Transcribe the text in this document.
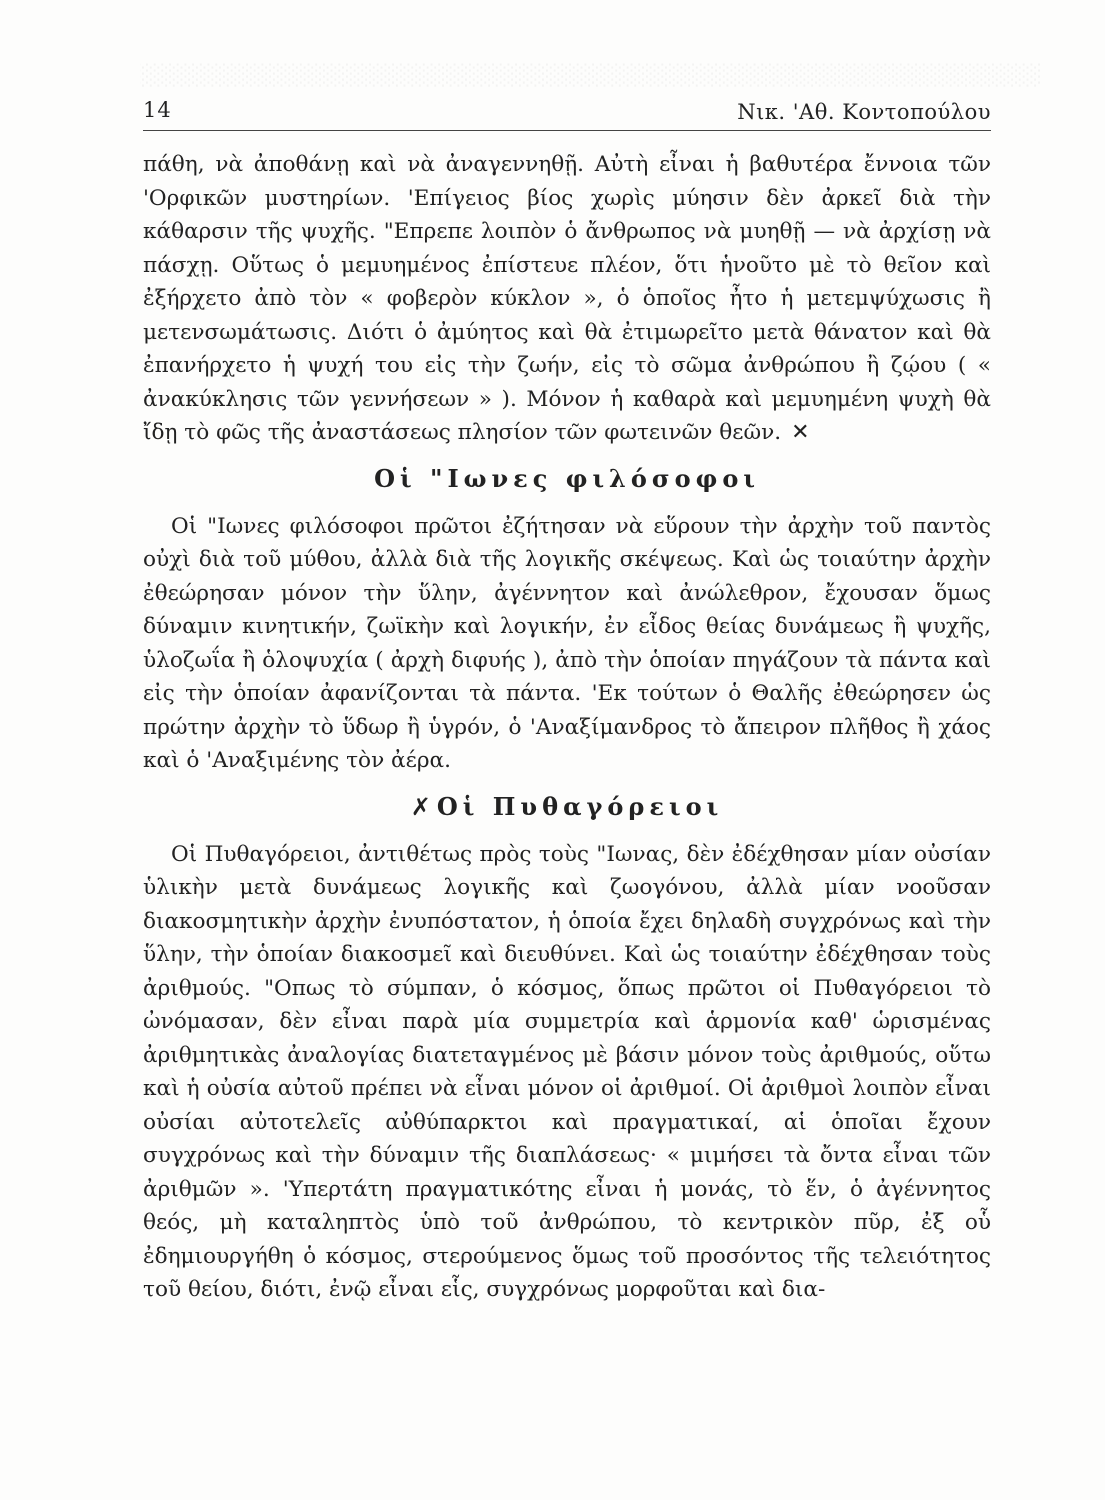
14	Νικ. 'Αθ. Κοντοπούλου

πάθη, νὰ ἀποθάνῃ καὶ νὰ ἀναγεννηθῇ. Αὐτὴ εἶναι ἡ βαθυτέρα ἔννοια τῶν 'Ορφικῶν μυστηρίων. 'Επίγειος βίος χωρὶς μύησιν δὲν ἀρκεῖ διὰ τὴν κάθαρσιν τῆς ψυχῆς. "Επρεπε λοιπὸν ὁ ἄνθρωπος νὰ μυηθῇ — νὰ ἀρχίσῃ νὰ πάσχῃ. Οὕτως ὁ μεμυημένος ἐπίστευε πλέον, ὅτι ἡνοῦτο μὲ τὸ θεῖον καὶ ἐξήρχετο ἀπὸ τὸν « φοβερὸν κύκλον », ὁ ὁποῖος ἦτο ἡ μετεμψύχωσις ἢ μετενσωμάτωσις. Διότι ὁ ἀμύητος καὶ θὰ ἐτιμωρεῖτο μετὰ θάνατον καὶ θὰ ἐπανήρχετο ἡ ψυχή του εἰς τὴν ζωήν, εἰς τὸ σῶμα ἀνθρώπου ἢ ζῴου ( « ἀνακύκλησις τῶν γεννήσεων » ). Μόνον ἡ καθαρὰ καὶ μεμυημένη ψυχὴ θὰ ἴδῃ τὸ φῶς τῆς ἀναστάσεως πλησίον τῶν φωτεινῶν θεῶν. ✕

Οἱ "Ιωνες φιλόσοφοι

Οἱ "Ιωνες φιλόσοφοι πρῶτοι ἐζήτησαν νὰ εὕρουν τὴν ἀρχὴν τοῦ παντὸς οὐχὶ διὰ τοῦ μύθου, ἀλλὰ διὰ τῆς λογικῆς σκέψεως. Καὶ ὡς τοιαύτην ἀρχὴν ἐθεώρησαν μόνον τὴν ὕλην, ἀγέννητον καὶ ἀνώλεθρον, ἔχουσαν ὅμως δύναμιν κινητικήν, ζωϊκὴν καὶ λογικήν, ἐν εἶδος θείας δυνάμεως ἢ ψυχῆς, ὑλοζωΐα ἢ ὁλοψυχία ( ἀρχὴ διφυής ), ἀπὸ τὴν ὁποίαν πηγάζουν τὰ πάντα καὶ εἰς τὴν ὁποίαν ἀφανίζονται τὰ πάντα. 'Εκ τούτων ὁ Θαλῆς ἐθεώρησεν ὡς πρώτην ἀρχὴν τὸ ὕδωρ ἢ ὑγρόν, ὁ 'Αναξίμανδρος τὸ ἄπειρον πλῆθος ἢ χάος καὶ ὁ 'Αναξιμένης τὸν ἀέρα.

✗ Οἱ Πυθαγόρειοι

Οἱ Πυθαγόρειοι, ἀντιθέτως πρὸς τοὺς "Ιωνας, δὲν ἐδέχθησαν μίαν οὐσίαν ὑλικὴν μετὰ δυνάμεως λογικῆς καὶ ζωογόνου, ἀλλὰ μίαν νοοῦσαν διακοσμητικὴν ἀρχὴν ἐνυπόστατον, ἡ ὁποία ἔχει δηλαδὴ συγχρόνως καὶ τὴν ὕλην, τὴν ὁποίαν διακοσμεῖ καὶ διευθύνει. Καὶ ὡς τοιαύτην ἐδέχθησαν τοὺς ἀριθμούς. "Οπως τὸ σύμπαν, ὁ κόσμος, ὅπως πρῶτοι οἱ Πυθαγόρειοι τὸ ὠνόμασαν, δὲν εἶναι παρὰ μία συμμετρία καὶ ἁρμονία καθ' ὡρισμένας ἀριθμητικὰς ἀναλογίας διατεταγμένος μὲ βάσιν μόνον τοὺς ἀριθμούς, οὕτω καὶ ἡ οὐσία αὐτοῦ πρέπει νὰ εἶναι μόνον οἱ ἀριθμοί. Οἱ ἀριθμοὶ λοιπὸν εἶναι οὐσίαι αὐτοτελεῖς αὐθύπαρκτοι καὶ πραγματικαί, αἱ ὁποῖαι ἔχουν συγχρόνως καὶ τὴν δύναμιν τῆς διαπλάσεως· « μιμήσει τὰ ὄντα εἶναι τῶν ἀριθμῶν ». 'Υπερτάτη πραγματικότης εἶναι ἡ μονάς, τὸ ἕν, ὁ ἀγέννητος θεός, μὴ καταληπτὸς ὑπὸ τοῦ ἀνθρώπου, τὸ κεντρικὸν πῦρ, ἐξ οὗ ἐδημιουργήθη ὁ κόσμος, στερούμενος ὅμως τοῦ προσόντος τῆς τελειότητος τοῦ θείου, διότι, ἐνῷ εἶναι εἷς, συγχρόνως μορφοῦται καὶ δια-
